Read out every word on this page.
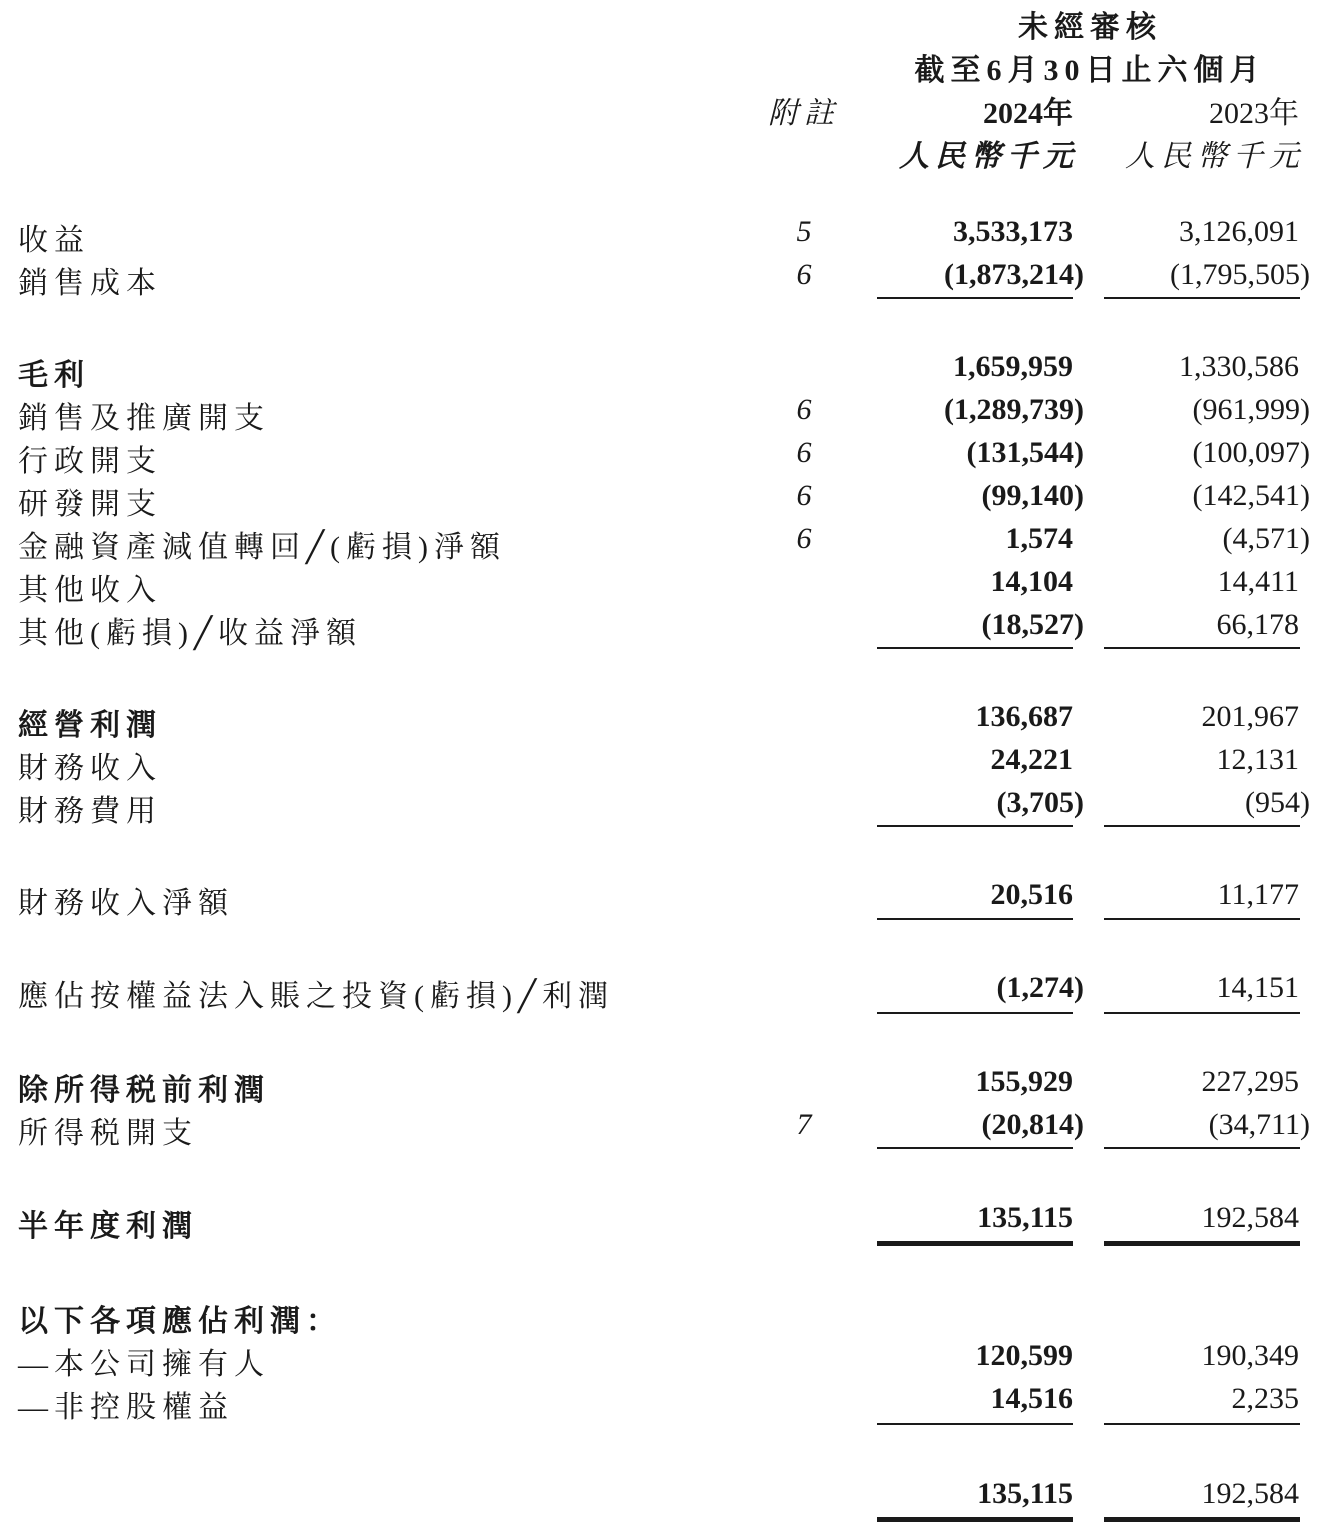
未經審核
截至6月30日止六個月
附註	2024年	2023年
人民幣千元	人民幣千元
收益	5	3,533,173	3,126,091
銷售成本	6	(1,873,214)	(1,795,505)
毛利	1,659,959	1,330,586
銷售及推廣開支	6	(1,289,739)	(961,999)
行政開支	6	(131,544)	(100,097)
研發開支	6	(99,140)	(142,541)
金融資產減值轉回╱(虧損)淨額	6	1,574	(4,571)
其他收入	14,104	14,411
其他(虧損)╱收益淨額	(18,527)	66,178
經營利潤	136,687	201,967
財務收入	24,221	12,131
財務費用	(3,705)	(954)
財務收入淨額	20,516	11,177
應佔按權益法入賬之投資(虧損)╱利潤	(1,274)	14,151
除所得税前利潤	155,929	227,295
所得税開支	7	(20,814)	(34,711)
半年度利潤	135,115	192,584
以下各項應佔利潤：
—本公司擁有人	120,599	190,349
—非控股權益	14,516	2,235
135,115	192,584
